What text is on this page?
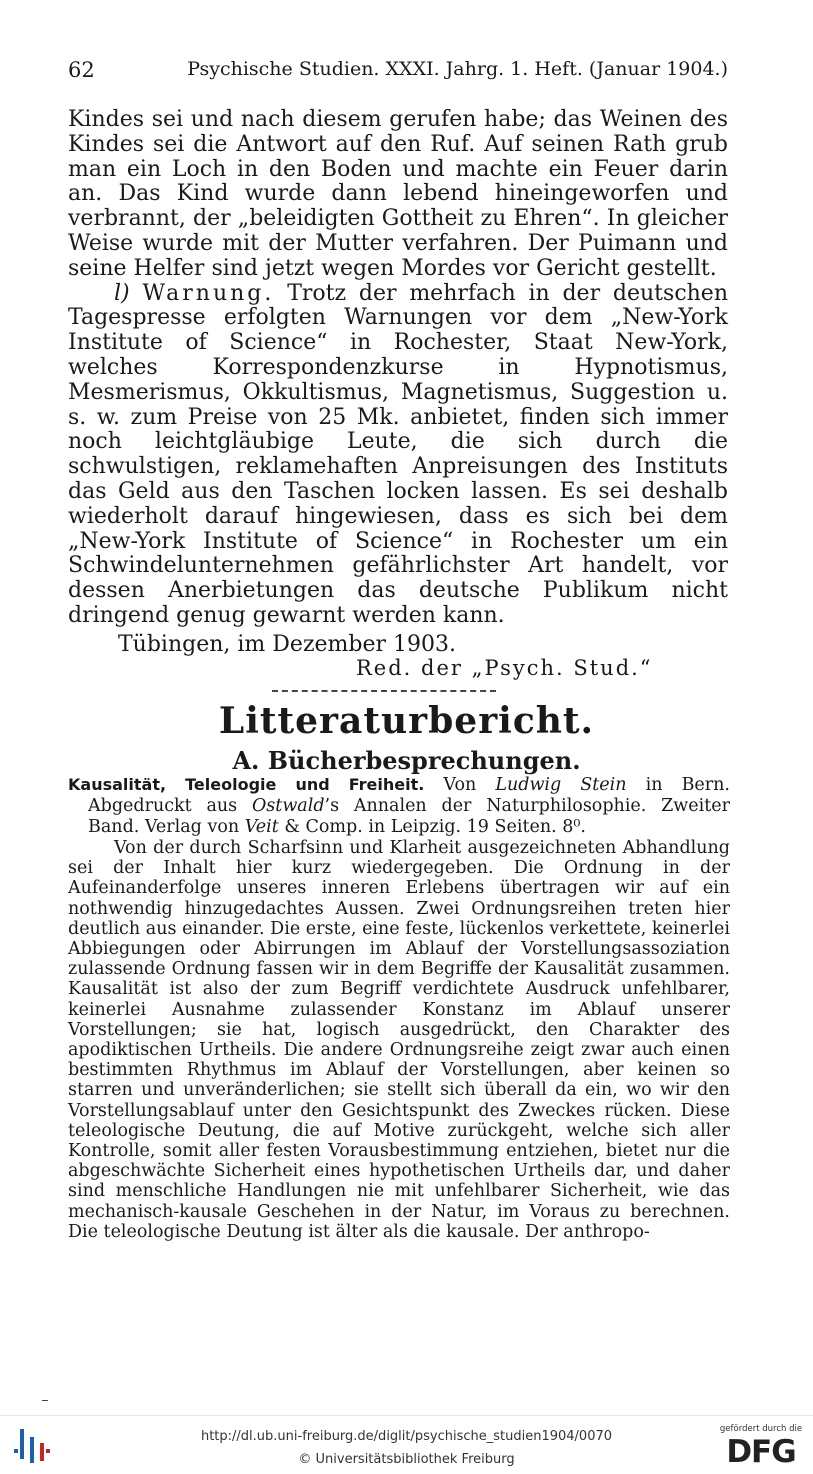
62	Psychische Studien. XXXI. Jahrg. 1. Heft. (Januar 1904.)

Kindes sei und nach diesem gerufen habe; das Weinen des Kindes sei die Antwort auf den Ruf. Auf seinen Rath grub man ein Loch in den Boden und machte ein Feuer darin an. Das Kind wurde dann lebend hineingeworfen und verbrannt, der „beleidigten Gottheit zu Ehren“. In gleicher Weise wurde mit der Mutter verfahren. Der Puimann und seine Helfer sind jetzt wegen Mordes vor Gericht gestellt.

l) Warnung. Trotz der mehrfach in der deutschen Tagespresse erfolgten Warnungen vor dem „New-York Institute of Science“ in Rochester, Staat New-York, welches Korrespondenzkurse in Hypnotismus, Mesmerismus, Okkultismus, Magnetismus, Suggestion u. s. w. zum Preise von 25 Mk. anbietet, finden sich immer noch leichtgläubige Leute, die sich durch die schwulstigen, reklamehaften Anpreisungen des Instituts das Geld aus den Taschen locken lassen. Es sei deshalb wiederholt darauf hingewiesen, dass es sich bei dem „New-York Institute of Science“ in Rochester um ein Schwindelunternehmen gefährlichster Art handelt, vor dessen Anerbietungen das deutsche Publikum nicht dringend genug gewarnt werden kann.

Tübingen, im Dezember 1903.
Red. der „Psych. Stud.“
Litteraturbericht.
A. Bücherbesprechungen.

Kausalität, Teleologie und Freiheit. Von Ludwig Stein in Bern. Abgedruckt aus Ostwald’s Annalen der Naturphilosophie. Zweiter Band. Verlag von Veit & Comp. in Leipzig. 19 Seiten. 8⁰.

Von der durch Scharfsinn und Klarheit ausgezeichneten Abhandlung sei der Inhalt hier kurz wiedergegeben. Die Ordnung in der Aufeinanderfolge unseres inneren Erlebens übertragen wir auf ein nothwendig hinzugedachtes Aussen. Zwei Ordnungsreihen treten hier deutlich aus einander. Die erste, eine feste, lückenlos verkettete, keinerlei Abbiegungen oder Abirrungen im Ablauf der Vorstellungsassoziation zulassende Ordnung fassen wir in dem Begriffe der Kausalität zusammen. Kausalität ist also der zum Begriff verdichtete Ausdruck unfehlbarer, keinerlei Ausnahme zulassender Konstanz im Ablauf unserer Vorstellungen; sie hat, logisch ausgedrückt, den Charakter des apodiktischen Urtheils. Die andere Ordnungsreihe zeigt zwar auch einen bestimmten Rhythmus im Ablauf der Vorstellungen, aber keinen so starren und unveränderlichen; sie stellt sich überall da ein, wo wir den Vorstellungsablauf unter den Gesichtspunkt des Zweckes rücken. Diese teleologische Deutung, die auf Motive zurückgeht, welche sich aller Kontrolle, somit aller festen Vorausbestimmung entziehen, bietet nur die abgeschwächte Sicherheit eines hypothetischen Urtheils dar, und daher sind menschliche Handlungen nie mit unfehlbarer Sicherheit, wie das mechanisch-kausale Geschehen in der Natur, im Voraus zu berechnen. Die teleologische Deutung ist älter als die kausale. Der anthropo-

http://dl.ub.uni-freiburg.de/diglit/psychische_studien1904/0070
© Universitätsbibliothek Freiburg
gefördert durch die
DFG
